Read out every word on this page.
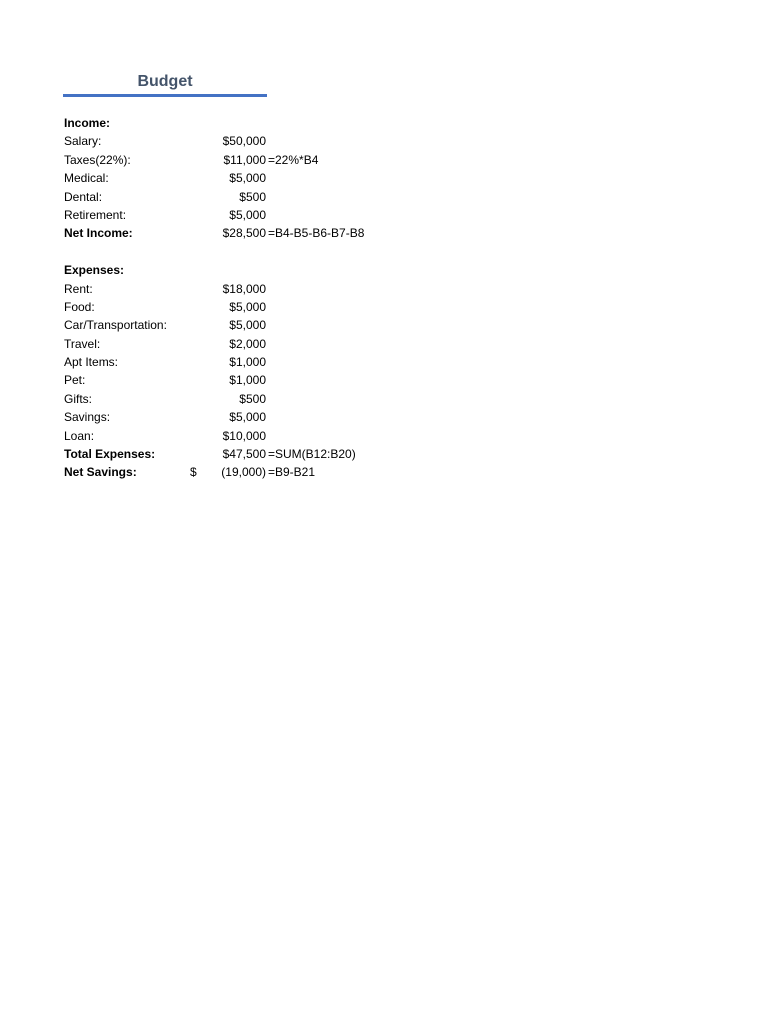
Budget
Income:
Salary:	$50,000
Taxes(22%):	$11,000 =22%*B4
Medical:	$5,000
Dental:	$500
Retirement:	$5,000
Net Income:	$28,500 =B4-B5-B6-B7-B8
Expenses:
Rent:	$18,000
Food:	$5,000
Car/Transportation:	$5,000
Travel:	$2,000
Apt Items:	$1,000
Pet:	$1,000
Gifts:	$500
Savings:	$5,000
Loan:	$10,000
Total Expenses:	$47,500 =SUM(B12:B20)
Net Savings:	$	(19,000) =B9-B21
